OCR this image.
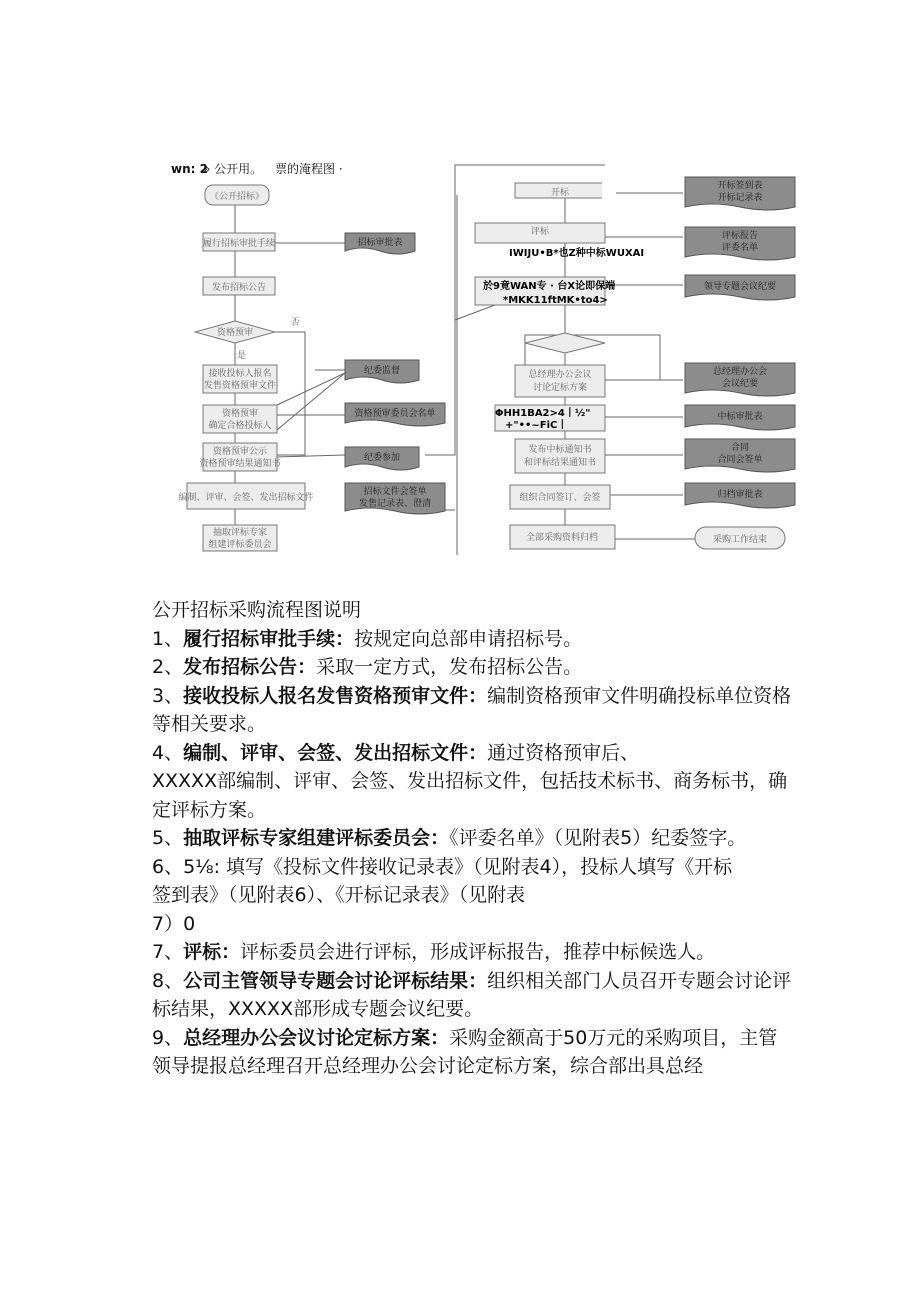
wn: 2
» 公开用。 票的淹程图 ·
《公开招标》
履行招标审批手续
发布招标公告
资格预审
是
否
接收投标人报名
发售资格预审文件
资格预审
确定合格投标人
资格预审公示
资格预审结果通知书
编制、评审、会签、发出招标文件
抽取评标专家
组建评标委员会
招标审批表
纪委监督
资格预审委员会名单
纪委参加
招标文件会签单
发售记录表、澄清
开标
评标
总经理办公会议
讨论定标方案
发布中标通知书
和评标结果通知书
组织合同签订、会签
全部采购资料归档	采购工作结束
开标签到表
开标记录表
评标报告
评委名单
领导专题会议纪要
总经理办公会
会议纪要
中标审批表
合同
合同会签单
归档审批表
IWIJU•B*也Z种中标WUXAI
於9竟WAN专 · 台X论即保端
*MKK11ftMK•to4>
ΦHH1BA2>4丨½"
+"••~FiC丨

公开招标采购流程图说明

1、履行招标审批手续：按规定向总部申请招标号。

2、发布招标公告：采取一定方式，发布招标公告。

3、接收投标人报名发售资格预审文件：编制资格预审文件明确投标单位资格等相关要求。

4、编制、评审、会签、发出招标文件：通过资格预审后、
XXXXX部编制、评审、会签、发出招标文件，包括技术标书、商务标书，确定评标方案。

5、抽取评标专家组建评标委员会：《评委名单》（见附表5）纪委签字。

6、5⅛: 填写《投标文件接收记录表》（见附表4），投标人填写《开标
签到表》（见附表6）、《开标记录表》（见附表
7）0

7、评标：评标委员会进行评标，形成评标报告，推荐中标候选人。

8、公司主管领导专题会讨论评标结果：组织相关部门人员召开专题会讨论评标结果，XXXXX部形成专题会议纪要。

9、总经理办公会议讨论定标方案：采购金额高于50万元的采购项目，主管领导提报总经理召开总经理办公会讨论定标方案，综合部出具总经
